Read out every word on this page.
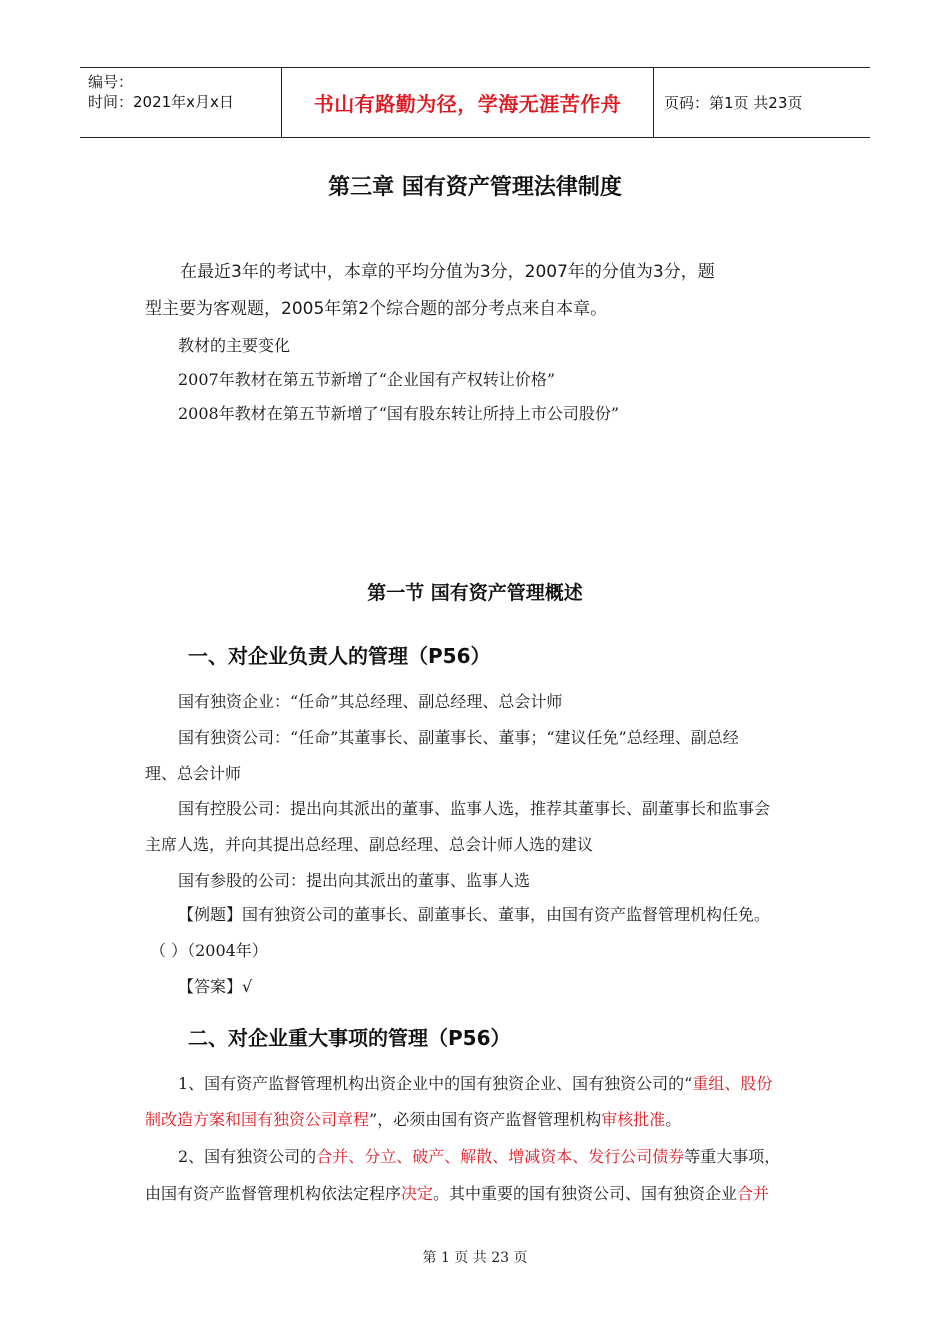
编号：
时间：2021年x月x日	书山有路勤为径，学海无涯苦作舟	页码：第1页 共23页
第三章 国有资产管理法律制度
在最近3年的考试中，本章的平均分值为3分，2007年的分值为3分，题
型主要为客观题，2005年第2个综合题的部分考点来自本章。
教材的主要变化
2007年教材在第五节新增了“企业国有产权转让价格”
2008年教材在第五节新增了“国有股东转让所持上市公司股份”
第一节 国有资产管理概述
一、对企业负责人的管理（P56）
国有独资企业：“任命”其总经理、副总经理、总会计师
国有独资公司：“任命”其董事长、副董事长、董事；“建议任免”总经理、副总经
理、总会计师
国有控股公司：提出向其派出的董事、监事人选，推荐其董事长、副董事长和监事会
主席人选，并向其提出总经理、副总经理、总会计师人选的建议
国有参股的公司：提出向其派出的董事、监事人选
【例题】国有独资公司的董事长、副董事长、董事，由国有资产监督管理机构任免。
（ ）（2004年）
【答案】√
二、对企业重大事项的管理（P56）
1、国有资产监督管理机构出资企业中的国有独资企业、国有独资公司的“重组、股份
制改造方案和国有独资公司章程”，必须由国有资产监督管理机构审核批准。
2、国有独资公司的合并、分立、破产、解散、增减资本、发行公司债券等重大事项，
由国有资产监督管理机构依法定程序决定。其中重要的国有独资公司、国有独资企业合并
第 1 页 共 23 页
